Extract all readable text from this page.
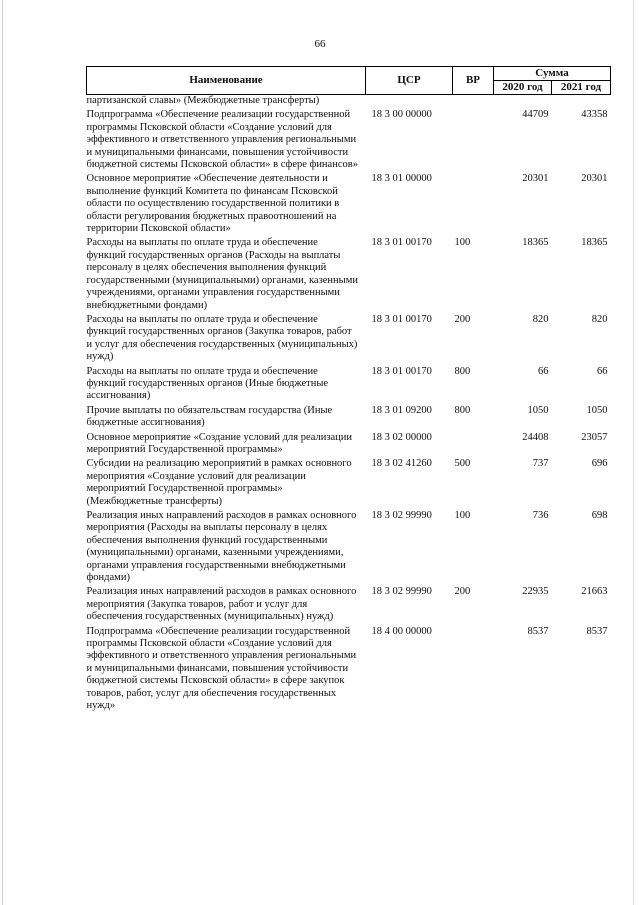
66
Наименование	ЦСР	ВР	Сумма	
			2020 год	2021 год
партизанской славы» (Межбюджетные трансферты)				
Подпрограмма «Обеспечение реализации государственной программы Псковской области «Создание условий для эффективного и ответственного управления региональными и муниципальными финансами, повышения устойчивости бюджетной системы Псковской области» в сфере финансов»	18 3 00 00000		44709	43358
Основное мероприятие «Обеспечение деятельности и выполнение функций Комитета по финансам Псковской области по осуществлению государственной политики в области регулирования бюджетных правоотношений на территории Псковской области»	18 3 01 00000		20301	20301
Расходы на выплаты по оплате труда и обеспечение функций государственных органов (Расходы на выплаты персоналу в целях обеспечения выполнения функций государственными (муниципальными) органами, казенными учреждениями, органами управления государственными внебюджетными фондами)	18 3 01 00170	100	18365	18365
Расходы на выплаты по оплате труда и обеспечение функций государственных органов (Закупка товаров, работ и услуг для обеспечения государственных (муниципальных) нужд)	18 3 01 00170	200	820	820
Расходы на выплаты по оплате труда и обеспечение функций государственных органов (Иные бюджетные ассигнования)	18 3 01 00170	800	66	66
Прочие выплаты по обязательствам государства (Иные бюджетные ассигнования)	18 3 01 09200	800	1050	1050
Основное мероприятие «Создание условий для реализации мероприятий Государственной программы»	18 3 02 00000		24408	23057
Субсидии на реализацию мероприятий в рамках основного мероприятия «Создание условий для реализации мероприятий Государственной программы» (Межбюджетные трансферты)	18 3 02 41260	500	737	696
Реализация иных направлений расходов в рамках основного мероприятия (Расходы на выплаты персоналу в целях обеспечения выполнения функций государственными (муниципальными) органами, казенными учреждениями, органами управления государственными внебюджетными фондами)	18 3 02 99990	100	736	698
Реализация иных направлений расходов в рамках основного мероприятия (Закупка товаров, работ и услуг для обеспечения государственных (муниципальных) нужд)	18 3 02 99990	200	22935	21663
Подпрограмма «Обеспечение реализации государственной программы Псковской области «Создание условий для эффективного и ответственного управления региональными и муниципальными финансами, повышения устойчивости бюджетной системы Псковской области» в сфере закупок товаров, работ, услуг для обеспечения государственных нужд»	18 4 00 00000		8537	8537
